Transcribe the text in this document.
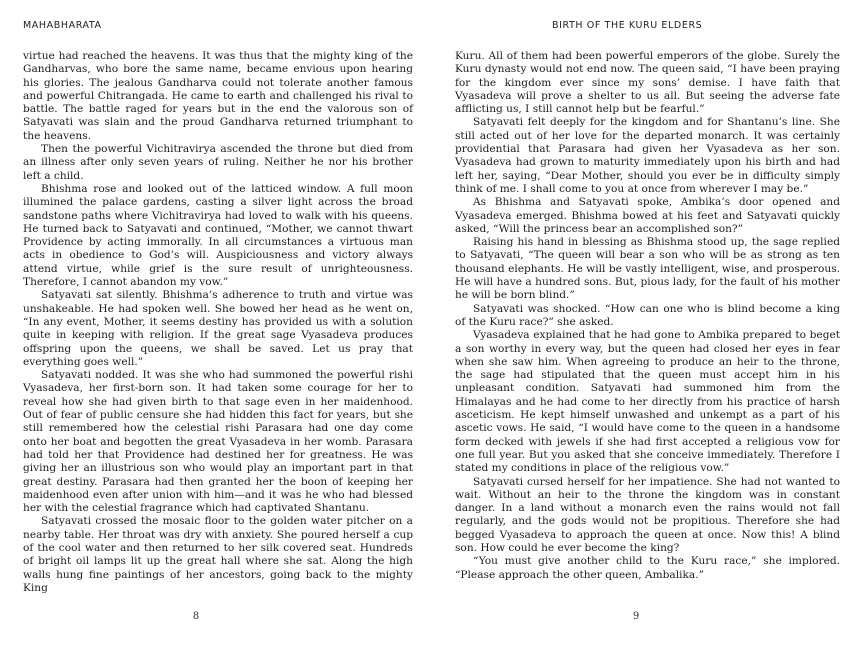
MAHABHARATA

virtue had reached the heavens. It was thus that the mighty king of the Gandharvas, who bore the same name, became envious upon hearing his glories. The jealous Gandharva could not tolerate another famous and powerful Chitrangada. He came to earth and challenged his rival to battle. The battle raged for years but in the end the valorous son of Satyavati was slain and the proud Gandharva returned triumphant to the heavens.

Then the powerful Vichitravirya ascended the throne but died from an illness after only seven years of ruling. Neither he nor his brother left a child.

Bhishma rose and looked out of the latticed window. A full moon illumined the palace gardens, casting a silver light across the broad sandstone paths where Vichitravirya had loved to walk with his queens. He turned back to Satyavati and continued, “Mother, we cannot thwart Providence by acting immorally. In all circumstances a virtuous man acts in obedience to God’s will. Auspiciousness and victory always attend virtue, while grief is the sure result of unrighteousness. Therefore, I cannot abandon my vow.”

Satyavati sat silently. Bhishma’s adherence to truth and virtue was unshakeable. He had spoken well. She bowed her head as he went on, “In any event, Mother, it seems destiny has provided us with a solution quite in keeping with religion. If the great sage Vyasadeva produces offspring upon the queens, we shall be saved. Let us pray that everything goes well.”

Satyavati nodded. It was she who had summoned the powerful rishi Vyasadeva, her first-born son. It had taken some courage for her to reveal how she had given birth to that sage even in her maidenhood. Out of fear of public censure she had hidden this fact for years, but she still remembered how the celestial rishi Parasara had one day come onto her boat and begotten the great Vyasadeva in her womb. Parasara had told her that Providence had destined her for greatness. He was giving her an illustrious son who would play an important part in that great destiny. Parasara had then granted her the boon of keeping her maidenhood even after union with him—and it was he who had blessed her with the celestial fragrance which had captivated Shantanu.

Satyavati crossed the mosaic floor to the golden water pitcher on a nearby table. Her throat was dry with anxiety. She poured herself a cup of the cool water and then returned to her silk covered seat. Hundreds of bright oil lamps lit up the great hall where she sat. Along the high walls hung fine paintings of her ancestors, going back to the mighty King

8
BIRTH OF THE KURU ELDERS

Kuru. All of them had been powerful emperors of the globe. Surely the Kuru dynasty would not end now. The queen said, “I have been praying for the kingdom ever since my sons’ demise. I have faith that Vyasadeva will prove a shelter to us all. But seeing the adverse fate afflicting us, I still cannot help but be fearful.”

Satyavati felt deeply for the kingdom and for Shantanu’s line. She still acted out of her love for the departed monarch. It was certainly providential that Parasara had given her Vyasadeva as her son. Vyasadeva had grown to maturity immediately upon his birth and had left her, saying, “Dear Mother, should you ever be in difficulty simply think of me. I shall come to you at once from wherever I may be.”

As Bhishma and Satyavati spoke, Ambika’s door opened and Vyasadeva emerged. Bhishma bowed at his feet and Satyavati quickly asked, “Will the princess bear an accomplished son?”

Raising his hand in blessing as Bhishma stood up, the sage replied to Satyavati, “The queen will bear a son who will be as strong as ten thousand elephants. He will be vastly intelligent, wise, and prosperous. He will have a hundred sons. But, pious lady, for the fault of his mother he will be born blind.”

Satyavati was shocked. “How can one who is blind become a king of the Kuru race?” she asked.

Vyasadeva explained that he had gone to Ambika prepared to beget a son worthy in every way, but the queen had closed her eyes in fear when she saw him. When agreeing to produce an heir to the throne, the sage had stipulated that the queen must accept him in his unpleasant condition. Satyavati had summoned him from the Himalayas and he had come to her directly from his practice of harsh asceticism. He kept himself unwashed and unkempt as a part of his ascetic vows. He said, “I would have come to the queen in a handsome form decked with jewels if she had first accepted a religious vow for one full year. But you asked that she conceive immediately. Therefore I stated my conditions in place of the religious vow.”

Satyavati cursed herself for her impatience. She had not wanted to wait. Without an heir to the throne the kingdom was in constant danger. In a land without a monarch even the rains would not fall regularly, and the gods would not be propitious. Therefore she had begged Vyasadeva to approach the queen at once. Now this! A blind son. How could he ever become the king?

“You must give another child to the Kuru race,” she implored. “Please approach the other queen, Ambalika.”

9
